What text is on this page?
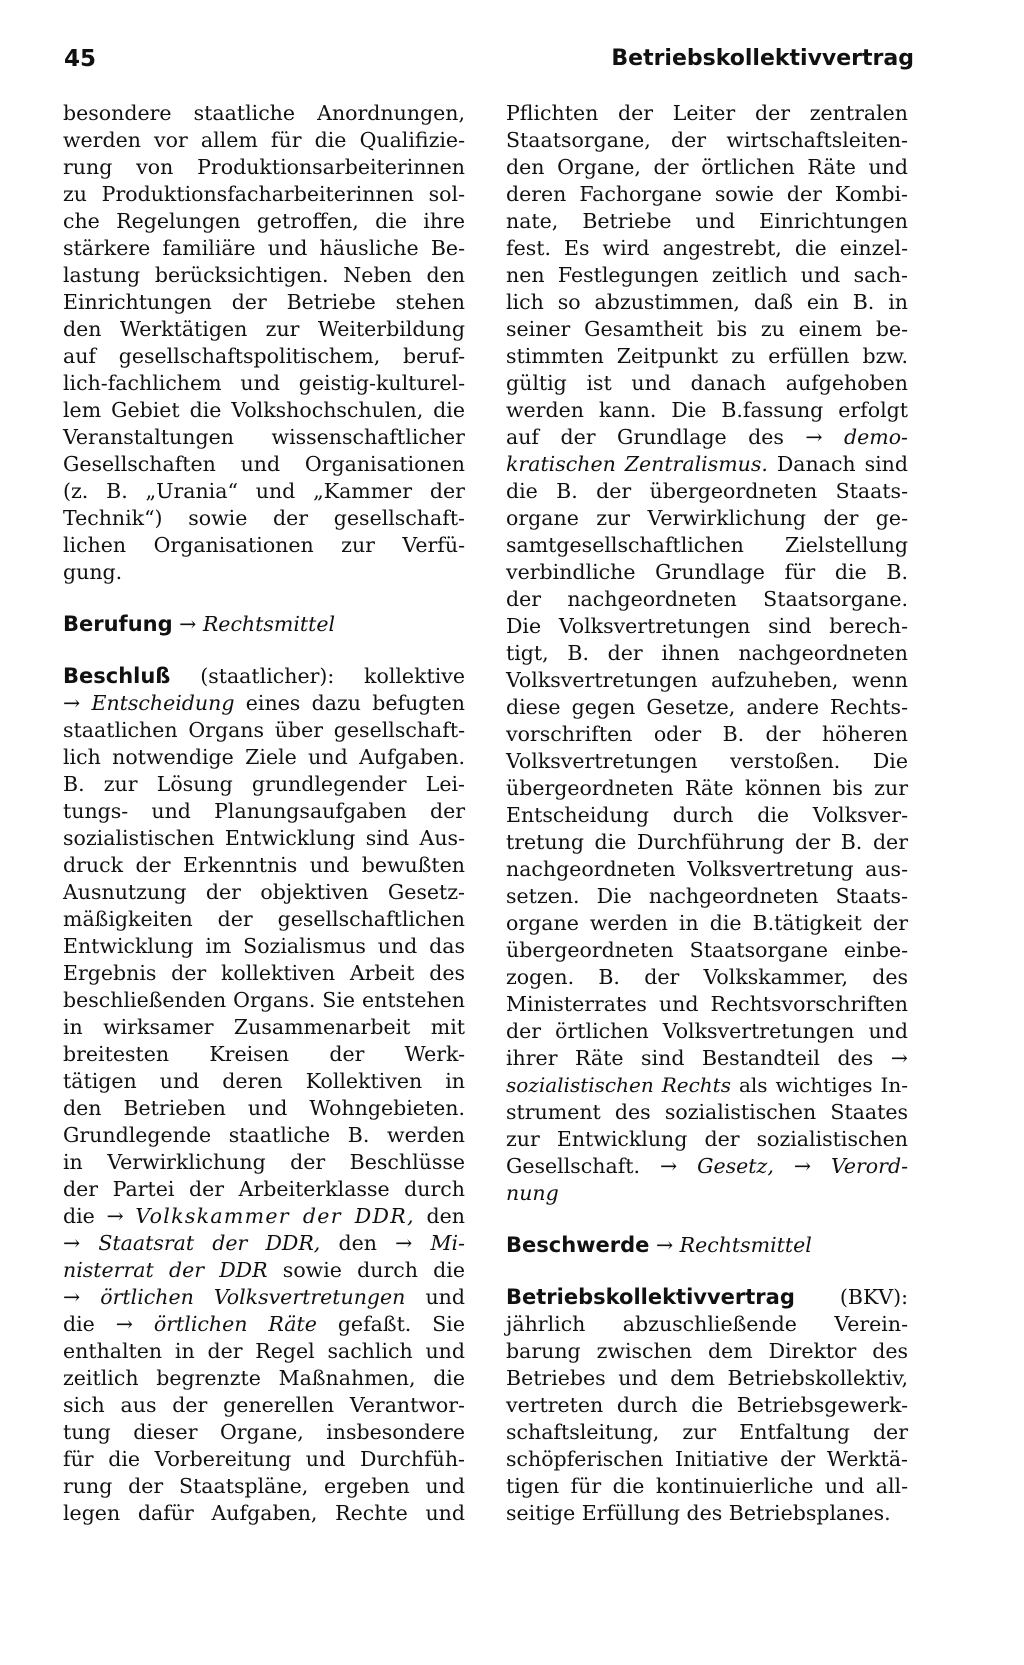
45	Betriebskollektivvertrag
besondere staatliche Anordnungen,
werden vor allem für die Qualifizie-
rung von Produktionsarbeiterinnen
zu Produktionsfacharbeiterinnen sol-
che Regelungen getroffen, die ihre
stärkere familiäre und häusliche Be-
lastung berücksichtigen. Neben den
Einrichtungen der Betriebe stehen
den Werktätigen zur Weiterbildung
auf gesellschaftspolitischem, beruf-
lich-fachlichem und geistig-kulturel-
lem Gebiet die Volkshochschulen, die
Veranstaltungen wissenschaftlicher
Gesellschaften und Organisationen
(z. B. „Urania“ und „Kammer der
Technik“) sowie der gesellschaft-
lichen Organisationen zur Verfü-
gung.
Berufung → Rechtsmittel
Beschluß (staatlicher): kollektive
→ Entscheidung eines dazu befugten
staatlichen Organs über gesellschaft-
lich notwendige Ziele und Aufgaben.
B. zur Lösung grundlegender Lei-
tungs- und Planungsaufgaben der
sozialistischen Entwicklung sind Aus-
druck der Erkenntnis und bewußten
Ausnutzung der objektiven Gesetz-
mäßigkeiten der gesellschaftlichen
Entwicklung im Sozialismus und das
Ergebnis der kollektiven Arbeit des
beschließenden Organs. Sie entstehen
in wirksamer Zusammenarbeit mit
breitesten Kreisen der Werk-
tätigen und deren Kollektiven in
den Betrieben und Wohngebieten.
Grundlegende staatliche B. werden
in Verwirklichung der Beschlüsse
der Partei der Arbeiterklasse durch
die → Volkskammer der DDR, den
→ Staatsrat der DDR, den → Mi-
nisterrat der DDR sowie durch die
→ örtlichen Volksvertretungen und
die → örtlichen Räte gefaßt. Sie
enthalten in der Regel sachlich und
zeitlich begrenzte Maßnahmen, die
sich aus der generellen Verantwor-
tung dieser Organe, insbesondere
für die Vorbereitung und Durchfüh-
rung der Staatspläne, ergeben und
legen dafür Aufgaben, Rechte und
Pflichten der Leiter der zentralen
Staatsorgane, der wirtschaftsleiten-
den Organe, der örtlichen Räte und
deren Fachorgane sowie der Kombi-
nate, Betriebe und Einrichtungen
fest. Es wird angestrebt, die einzel-
nen Festlegungen zeitlich und sach-
lich so abzustimmen, daß ein B. in
seiner Gesamtheit bis zu einem be-
stimmten Zeitpunkt zu erfüllen bzw.
gültig ist und danach aufgehoben
werden kann. Die B.fassung erfolgt
auf der Grundlage des → demo-
kratischen Zentralismus. Danach sind
die B. der übergeordneten Staats-
organe zur Verwirklichung der ge-
samtgesellschaftlichen Zielstellung
verbindliche Grundlage für die B.
der nachgeordneten Staatsorgane.
Die Volksvertretungen sind berech-
tigt, B. der ihnen nachgeordneten
Volksvertretungen aufzuheben, wenn
diese gegen Gesetze, andere Rechts-
vorschriften oder B. der höheren
Volksvertretungen verstoßen. Die
übergeordneten Räte können bis zur
Entscheidung durch die Volksver-
tretung die Durchführung der B. der
nachgeordneten Volksvertretung aus-
setzen. Die nachgeordneten Staats-
organe werden in die B.tätigkeit der
übergeordneten Staatsorgane einbe-
zogen. B. der Volkskammer, des
Ministerrates und Rechtsvorschriften
der örtlichen Volksvertretungen und
ihrer Räte sind Bestandteil des →
sozialistischen Rechts als wichtiges In-
strument des sozialistischen Staates
zur Entwicklung der sozialistischen
Gesellschaft. → Gesetz, → Verord-
nung
Beschwerde → Rechtsmittel
Betriebskollektivvertrag (BKV):
jährlich abzuschließende Verein-
barung zwischen dem Direktor des
Betriebes und dem Betriebskollektiv,
vertreten durch die Betriebsgewerk-
schaftsleitung, zur Entfaltung der
schöpferischen Initiative der Werktä-
tigen für die kontinuierliche und all-
seitige Erfüllung des Betriebsplanes.
